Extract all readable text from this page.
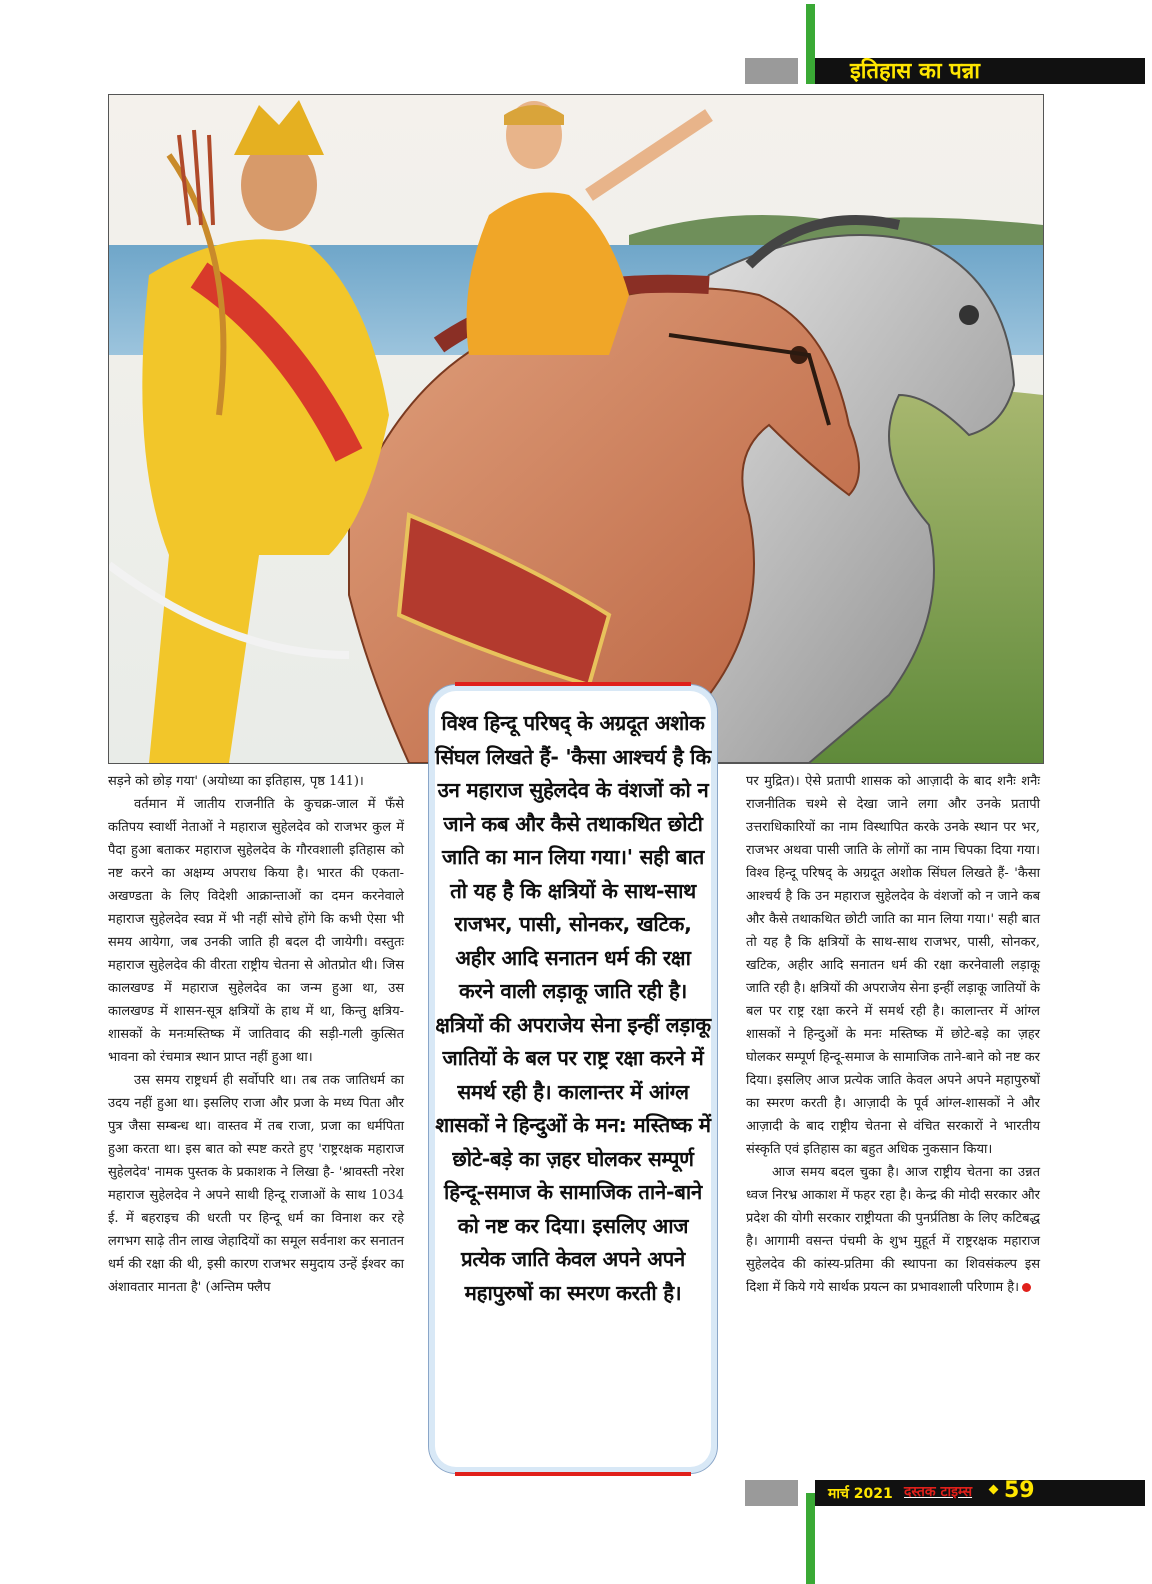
इतिहास का पन्ना

सड़ने को छोड़ गया' (अयोध्या का इतिहास, पृष्ठ 141)।

वर्तमान में जातीय राजनीति के कुचक्र-जाल में फँसे कतिपय स्वार्थी नेताओं ने महाराज सुहेलदेव को राजभर कुल में पैदा हुआ बताकर महाराज सुहेलदेव के गौरवशाली इतिहास को नष्ट करने का अक्षम्य अपराध किया है। भारत की एकता-अखण्डता के लिए विदेशी आक्रान्ताओं का दमन करनेवाले महाराज सुहेलदेव स्वप्न में भी नहीं सोचे होंगे कि कभी ऐसा भी समय आयेगा, जब उनकी जाति ही बदल दी जायेगी। वस्तुतः महाराज सुहेलदेव की वीरता राष्ट्रीय चेतना से ओतप्रोत थी। जिस कालखण्ड में महाराज सुहेलदेव का जन्म हुआ था, उस कालखण्ड में शासन-सूत्र क्षत्रियों के हाथ में था, किन्तु क्षत्रिय-शासकों के मनःमस्तिष्क में जातिवाद की सड़ी-गली कुत्सित भावना को रंचमात्र स्थान प्राप्त नहीं हुआ था।

उस समय राष्ट्रधर्म ही सर्वोपरि था। तब तक जातिधर्म का उदय नहीं हुआ था। इसलिए राजा और प्रजा के मध्य पिता और पुत्र जैसा सम्बन्ध था। वास्तव में तब राजा, प्रजा का धर्मपिता हुआ करता था। इस बात को स्पष्ट करते हुए 'राष्ट्ररक्षक महाराज सुहेलदेव' नामक पुस्तक के प्रकाशक ने लिखा है- 'श्रावस्ती नरेश महाराज सुहेलदेव ने अपने साथी हिन्दू राजाओं के साथ 1034 ई. में बहराइच की धरती पर हिन्दू धर्म का विनाश कर रहे लगभग साढ़े तीन लाख जेहादियों का समूल सर्वनाश कर सनातन धर्म की रक्षा की थी, इसी कारण राजभर समुदाय उन्हें ईश्वर का अंशावतार मानता है' (अन्तिम फ्लैप

विश्व हिन्दू परिषद् के अग्रदूत अशोक सिंघल लिखते हैं- 'कैसा आश्चर्य है कि उन महाराज सुहेलदेव के वंशजों को न जाने कब और कैसे तथाकथित छोटी जाति का मान लिया गया।' सही बात तो यह है कि क्षत्रियों के साथ-साथ राजभर, पासी, सोनकर, खटिक, अहीर आदि सनातन धर्म की रक्षा करने वाली लड़ाकू जाति रही है। क्षत्रियों की अपराजेय सेना इन्हीं लड़ाकू जातियों के बल पर राष्ट्र रक्षा करने में समर्थ रही है। कालान्तर में आंग्ल शासकों ने हिन्दुओं के मन: मस्तिष्क में छोटे-बड़े का ज़हर घोलकर सम्पूर्ण हिन्दू-समाज के सामाजिक ताने-बाने को नष्ट कर दिया। इसलिए आज प्रत्येक जाति केवल अपने अपने महापुरुषों का स्मरण करती है।

पर मुद्रित)। ऐसे प्रतापी शासक को आज़ादी के बाद शनैः शनैः राजनीतिक चश्मे से देखा जाने लगा और उनके प्रतापी उत्तराधिकारियों का नाम विस्थापित करके उनके स्थान पर भर, राजभर अथवा पासी जाति के लोगों का नाम चिपका दिया गया। विश्व हिन्दू परिषद् के अग्रदूत अशोक सिंघल लिखते हैं- 'कैसा आश्चर्य है कि उन महाराज सुहेलदेव के वंशजों को न जाने कब और कैसे तथाकथित छोटी जाति का मान लिया गया।' सही बात तो यह है कि क्षत्रियों के साथ-साथ राजभर, पासी, सोनकर, खटिक, अहीर आदि सनातन धर्म की रक्षा करनेवाली लड़ाकू जाति रही है। क्षत्रियों की अपराजेय सेना इन्हीं लड़ाकू जातियों के बल पर राष्ट्र रक्षा करने में समर्थ रही है। कालान्तर में आंग्ल शासकों ने हिन्दुओं के मनः मस्तिष्क में छोटे-बड़े का ज़हर घोलकर सम्पूर्ण हिन्दू-समाज के सामाजिक ताने-बाने को नष्ट कर दिया। इसलिए आज प्रत्येक जाति केवल अपने अपने महापुरुषों का स्मरण करती है। आज़ादी के पूर्व आंग्ल-शासकों ने और आज़ादी के बाद राष्ट्रीय चेतना से वंचित सरकारों ने भारतीय संस्कृति एवं इतिहास का बहुत अधिक नुकसान किया।

आज समय बदल चुका है। आज राष्ट्रीय चेतना का उन्नत ध्वज निरभ्र आकाश में फहर रहा है। केन्द्र की मोदी सरकार और प्रदेश की योगी सरकार राष्ट्रीयता की पुनर्प्रतिष्ठा के लिए कटिबद्ध है। आगामी वसन्त पंचमी के शुभ मुहूर्त में राष्ट्ररक्षक महाराज सुहेलदेव की कांस्य-प्रतिमा की स्थापना का शिवसंकल्प इस दिशा में किये गये सार्थक प्रयत्न का प्रभावशाली परिणाम है।

मार्च 2021 दस्तक टाइम्स 59
